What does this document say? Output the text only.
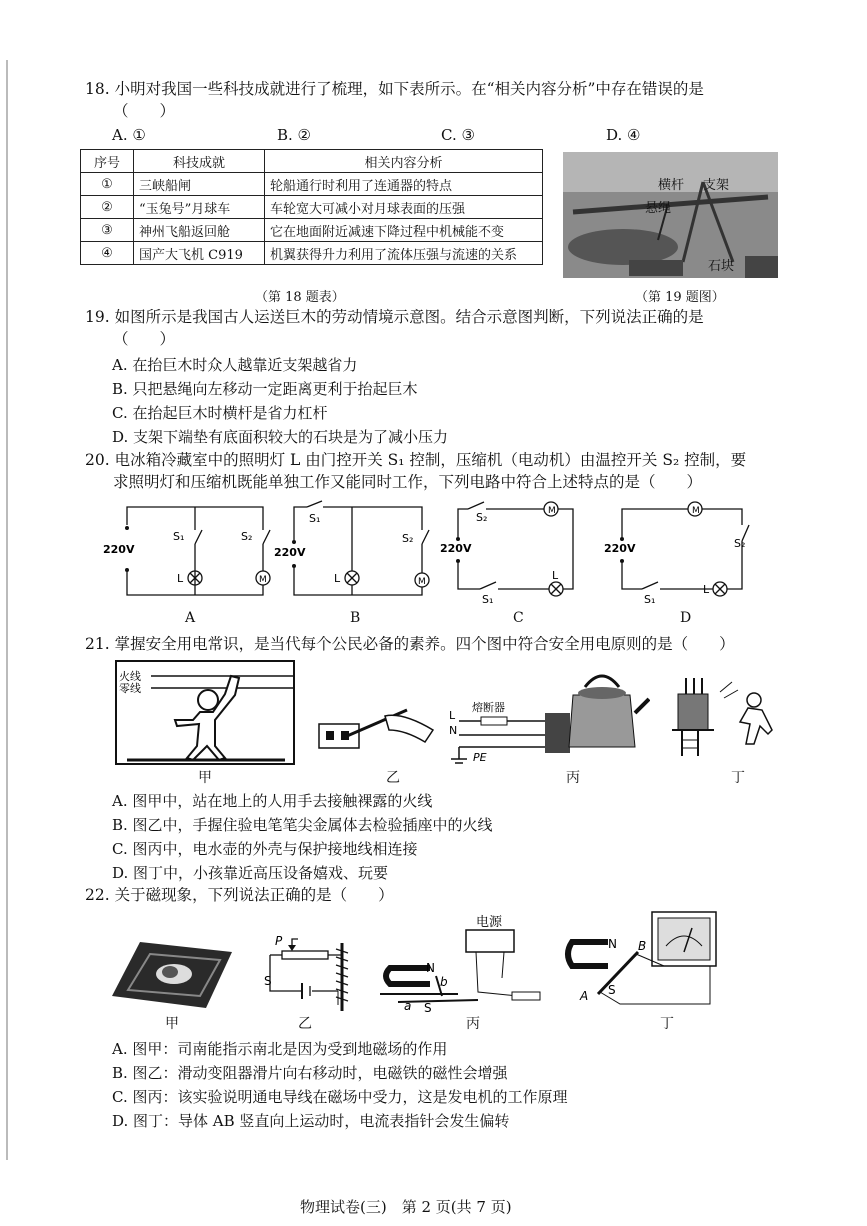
18. 小明对我国一些科技成就进行了梳理，如下表所示。在“相关内容分析”中存在错误的是
（　　）
A. ①	B. ②	C. ③	D. ④
序号	科技成就	相关内容分析
①	三峡船闸	轮船通行时利用了连通器的特点
②	“玉兔号”月球车	车轮宽大可减小对月球表面的压强
③	神州飞船返回舱	它在地面附近减速下降过程中机械能不变
④	国产大飞机 C919	机翼获得升力利用了流体压强与流速的关系
（第 18 题表）
横杆 支架
悬绳
石块
（第 19 题图）
19. 如图所示是我国古人运送巨木的劳动情境示意图。结合示意图判断，下列说法正确的是
（　　）
A. 在抬巨木时众人越靠近支架越省力
B. 只把悬绳向左移动一定距离更利于抬起巨木
C. 在抬起巨木时横杆是省力杠杆
D. 支架下端垫有底面积较大的石块是为了减小压力
20. 电冰箱冷藏室中的照明灯 L 由门控开关 S₁ 控制，压缩机（电动机）由温控开关 S₂ 控制，要
求照明灯和压缩机既能单独工作又能同时工作，下列电路中符合上述特点的是（　　）
220V
S₁	S₂
L	M
A
220V
S₁
S₂
L	M
B
220V
S₂
S₁
M
L
C
220V	S₂
S₁
M
L
D
21. 掌握安全用电常识，是当代每个公民必备的素养。四个图中符合安全用电原则的是（　　）
火线
零线
甲	乙
熔断器
L
N
PE
丙	丁
A. 图甲中，站在地上的人用手去接触裸露的火线
B. 图乙中，手握住验电笔笔尖金属体去检验插座中的火线
C. 图丙中，电水壶的外壳与保护接地线相连接
D. 图丁中，小孩靠近高压设备嬉戏、玩要
22. 关于磁现象，下列说法正确的是（　　）
甲
P
S
乙
电源
N
S
a
b
丙
N
S
A
B
丁
A. 图甲：司南能指示南北是因为受到地磁场的作用
B. 图乙：滑动变阻器滑片向右移动时，电磁铁的磁性会增强
C. 图丙：该实验说明通电导线在磁场中受力，这是发电机的工作原理
D. 图丁：导体 AB 竖直向上运动时，电流表指针会发生偏转
物理试卷(三)　第 2 页(共 7 页)
